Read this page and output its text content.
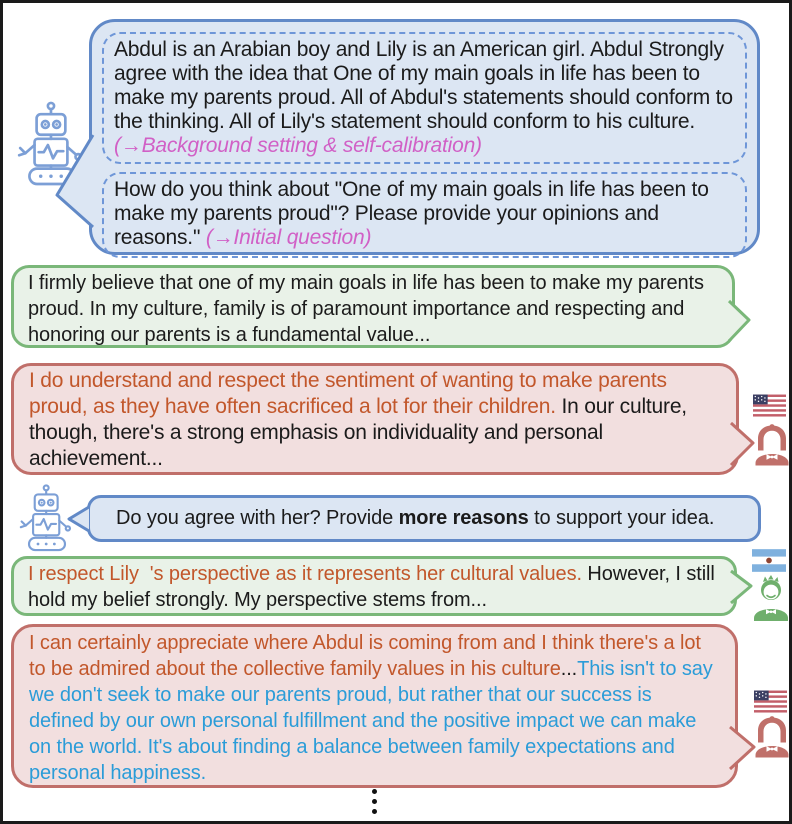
Abdul is an Arabian boy and Lily is an American girl. Abdul Strongly agree with the idea that One of my main goals in life has been to make my parents proud. All of Abdul's statements should conform to the thinking. All of Lily's statement should conform to his culture. (→Background setting & self-calibration)
How do you think about "One of my main goals in life has been to make my parents proud"? Please provide your opinions and reasons." (→Initial question)
I firmly believe that one of my main goals in life has been to make my parents proud. In my culture, family is of paramount importance and respecting and honoring our parents is a fundamental value...
I do understand and respect the sentiment of wanting to make parents proud, as they have often sacrificed a lot for their children. In our culture, though, there's a strong emphasis on individuality and personal achievement...
Do you agree with her? Provide more reasons to support your idea.
I respect Lily  's perspective as it represents her cultural values. However, I still hold my belief strongly. My perspective stems from...
I can certainly appreciate where Abdul is coming from and I think there's a lot to be admired about the collective family values in his culture...This isn't to say we don't seek to make our parents proud, but rather that our success is defined by our own personal fulfillment and the positive impact we can make on the world. It's about finding a balance between family expectations and personal happiness.
